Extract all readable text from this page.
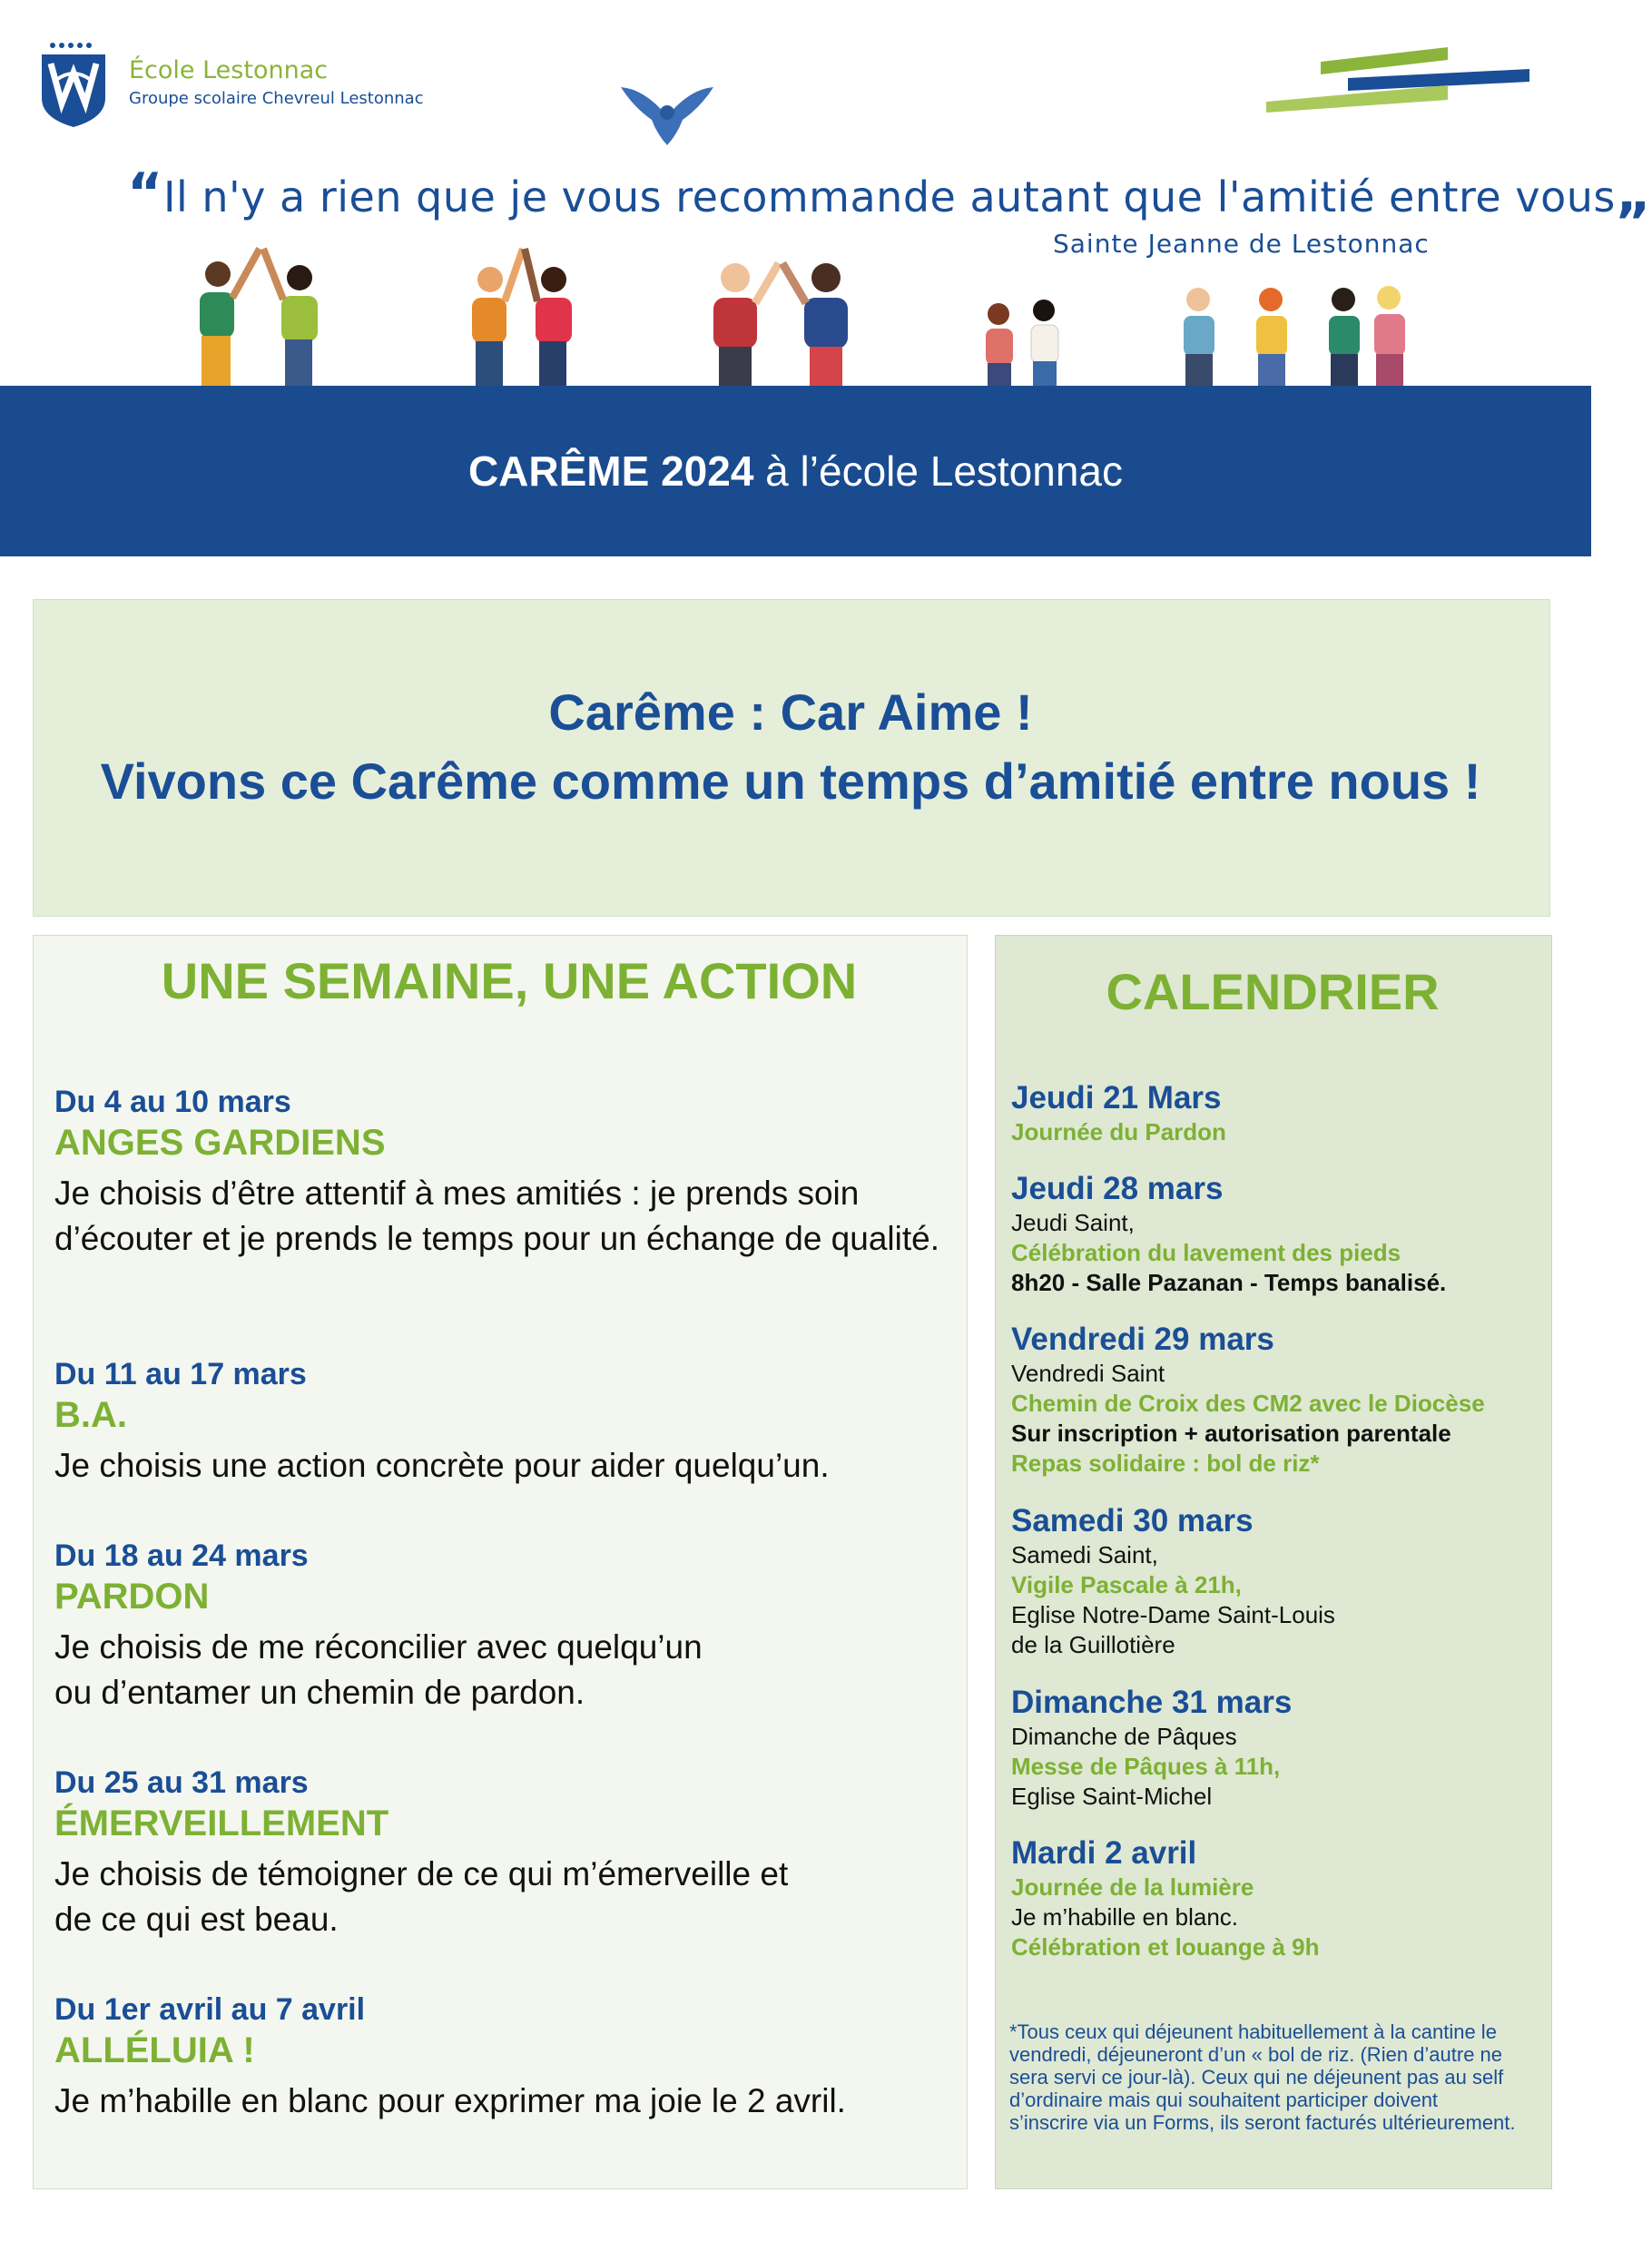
École Lestonnac
Groupe scolaire Chevreul Lestonnac
“Il n'y a rien que je vous recommande autant que l'amitié entre vous„
Sainte Jeanne de Lestonnac
CARÊME 2024 à l’école Lestonnac
Carême : Car Aime !
Vivons ce Carême comme un temps d’amitié entre nous !
UNE SEMAINE, UNE ACTION
Du 4 au 10 mars
ANGES GARDIENS
Je choisis d’être attentif à mes amitiés : je prends soin d’écouter et je prends le temps pour un échange de qualité.
Du 11 au 17 mars
B.A.
Je choisis une action concrète pour aider quelqu’un.
Du 18 au 24 mars
PARDON
Je choisis de me réconcilier avec quelqu’un
ou d’entamer un chemin de pardon.
Du 25 au 31 mars
ÉMERVEILLEMENT
Je choisis de témoigner de ce qui m’émerveille et
de ce qui est beau.
Du 1er avril au 7 avril
ALLÉLUIA !
Je m’habille en blanc pour exprimer ma joie le 2 avril.
CALENDRIER
Jeudi 21 Mars
Journée du Pardon
Jeudi 28 mars
Jeudi Saint,
Célébration du lavement des pieds
8h20 - Salle Pazanan - Temps banalisé.
Vendredi 29 mars
Vendredi Saint
Chemin de Croix des CM2 avec le Diocèse
Sur inscription + autorisation parentale
Repas solidaire : bol de riz*
Samedi 30 mars
Samedi Saint,
Vigile Pascale à 21h,
Eglise Notre-Dame Saint-Louis
de la Guillotière
Dimanche 31 mars
Dimanche de Pâques
Messe de Pâques à 11h,
Eglise Saint-Michel
Mardi 2 avril
Journée de la lumière
Je m’habille en blanc.
Célébration et louange à 9h
*Tous ceux qui déjeunent habituellement à la cantine le vendredi, déjeuneront d’un « bol de riz. (Rien d’autre ne sera servi ce jour-là). Ceux qui ne déjeunent pas au self d’ordinaire mais qui souhaitent participer doivent s’inscrire via un Forms, ils seront facturés ultérieurement.
